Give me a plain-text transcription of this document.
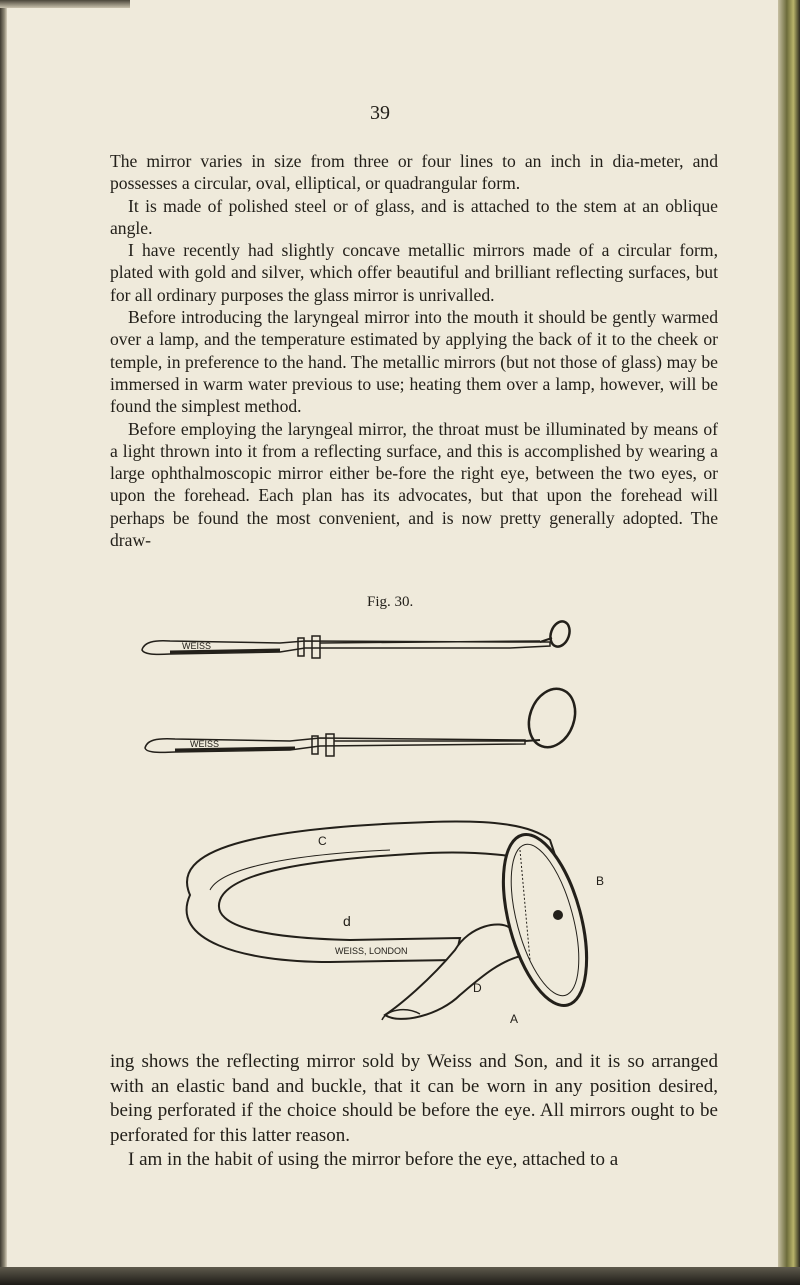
39

The mirror varies in size from three or four lines to an inch in dia-meter, and possesses a circular, oval, elliptical, or quadrangular form.

It is made of polished steel or of glass, and is attached to the stem at an oblique angle.

I have recently had slightly concave metallic mirrors made of a circular form, plated with gold and silver, which offer beautiful and brilliant reflecting surfaces, but for all ordinary purposes the glass mirror is unrivalled.

Before introducing the laryngeal mirror into the mouth it should be gently warmed over a lamp, and the temperature estimated by applying the back of it to the cheek or temple, in preference to the hand. The metallic mirrors (but not those of glass) may be immersed in warm water previous to use; heating them over a lamp, however, will be found the simplest method.

Before employing the laryngeal mirror, the throat must be illuminated by means of a light thrown into it from a reflecting surface, and this is accomplished by wearing a large ophthalmoscopic mirror either be-fore the right eye, between the two eyes, or upon the forehead. Each plan has its advocates, but that upon the forehead will perhaps be found the most convenient, and is now pretty generally adopted. The draw-

Fig. 30.
WEISS
WEISS
C
d
WEISS, LONDON
B
D
A

ing shows the reflecting mirror sold by Weiss and Son, and it is so arranged with an elastic band and buckle, that it can be worn in any position desired, being perforated if the choice should be before the eye. All mirrors ought to be perforated for this latter reason.

I am in the habit of using the mirror before the eye, attached to a
